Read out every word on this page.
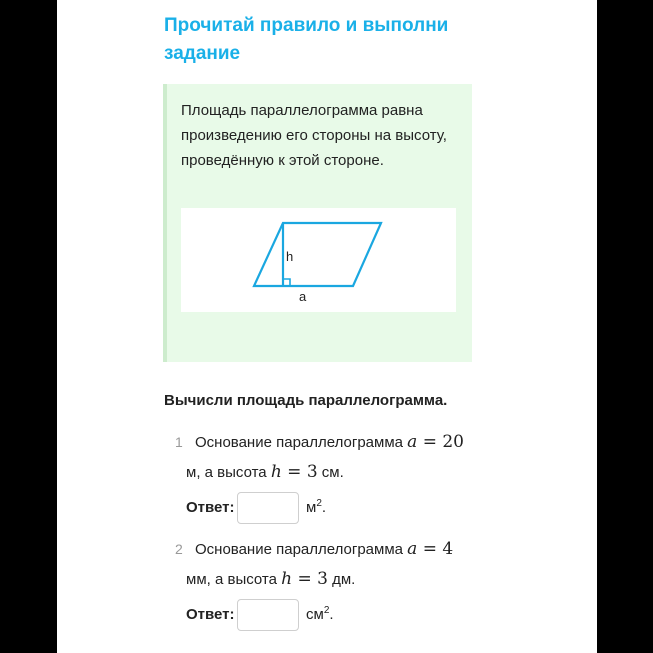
Прочитай правило и выполни задание

Площадь параллелограмма равна произведению его стороны на высоту, проведённую к этой стороне.

h
a
Вычисли площадь параллелограмма.
1 Основание параллелограмма a = 20
м, а высота h = 3 см.
Ответ:	$м^2$.
2 Основание параллелограмма a = 4
мм, а высота h = 3 дм.
Ответ:	$см^2$.
